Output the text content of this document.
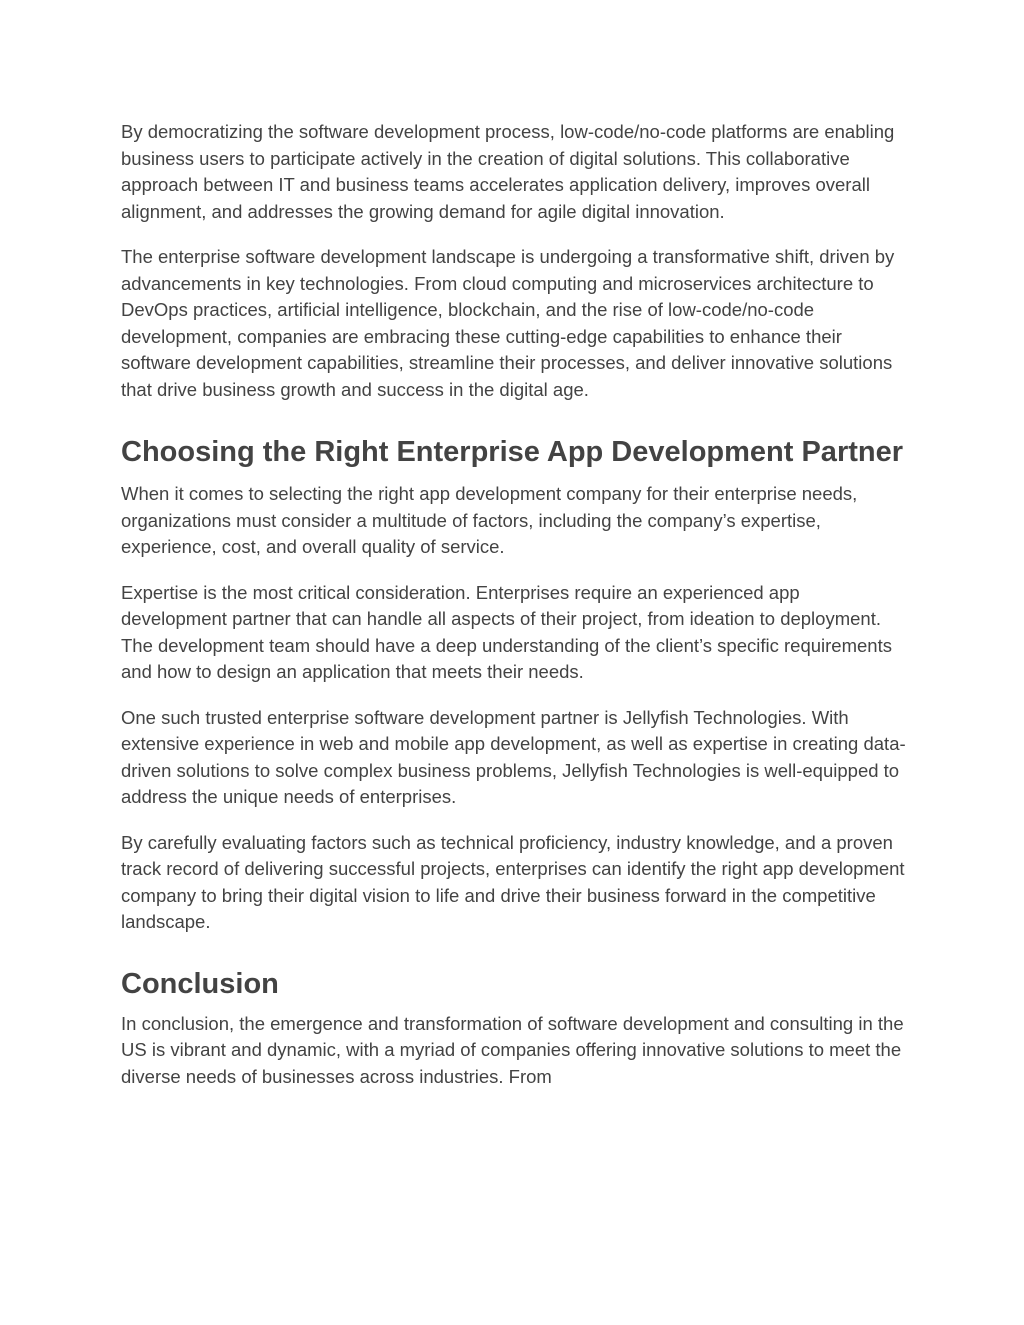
By democratizing the software development process, low-code/no-code platforms are enabling business users to participate actively in the creation of digital solutions. This collaborative approach between IT and business teams accelerates application delivery, improves overall alignment, and addresses the growing demand for agile digital innovation.

The enterprise software development landscape is undergoing a transformative shift, driven by advancements in key technologies. From cloud computing and microservices architecture to DevOps practices, artificial intelligence, blockchain, and the rise of low-code/no-code development, companies are embracing these cutting-edge capabilities to enhance their software development capabilities, streamline their processes, and deliver innovative solutions that drive business growth and success in the digital age.

Choosing the Right Enterprise App Development Partner

When it comes to selecting the right app development company for their enterprise needs, organizations must consider a multitude of factors, including the company’s expertise, experience, cost, and overall quality of service.

Expertise is the most critical consideration. Enterprises require an experienced app development partner that can handle all aspects of their project, from ideation to deployment. The development team should have a deep understanding of the client’s specific requirements and how to design an application that meets their needs.

One such trusted enterprise software development partner is Jellyfish Technologies. With extensive experience in web and mobile app development, as well as expertise in creating data-driven solutions to solve complex business problems, Jellyfish Technologies is well-equipped to address the unique needs of enterprises.

By carefully evaluating factors such as technical proficiency, industry knowledge, and a proven track record of delivering successful projects, enterprises can identify the right app development company to bring their digital vision to life and drive their business forward in the competitive landscape.

Conclusion

In conclusion, the emergence and transformation of software development and consulting in the US is vibrant and dynamic, with a myriad of companies offering innovative solutions to meet the diverse needs of businesses across industries. From
